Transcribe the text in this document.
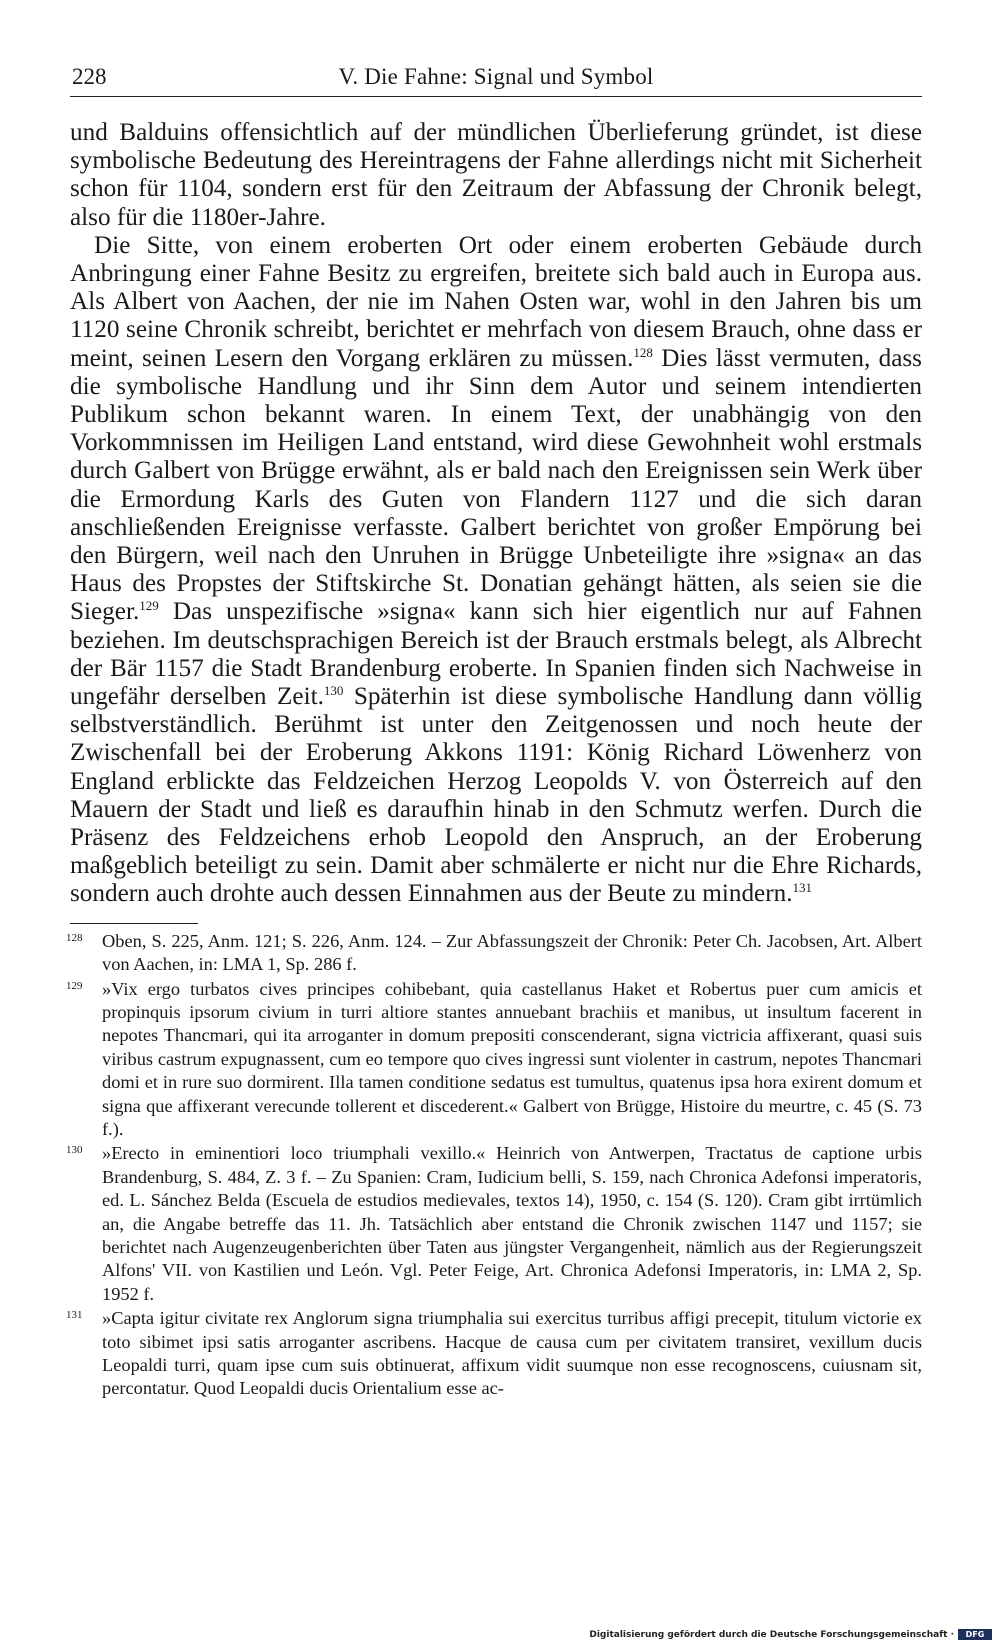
228	V. Die Fahne: Signal und Symbol

und Balduins offensichtlich auf der mündlichen Überlieferung gründet, ist diese symbolische Bedeutung des Hereintragens der Fahne allerdings nicht mit Sicherheit schon für 1104, sondern erst für den Zeitraum der Abfassung der Chronik belegt, also für die 1180er-Jahre.

Die Sitte, von einem eroberten Ort oder einem eroberten Gebäude durch Anbringung einer Fahne Besitz zu ergreifen, breitete sich bald auch in Europa aus. Als Albert von Aachen, der nie im Nahen Osten war, wohl in den Jahren bis um 1120 seine Chronik schreibt, berichtet er mehrfach von diesem Brauch, ohne dass er meint, seinen Lesern den Vorgang erklären zu müssen.$^{128}$ Dies lässt vermuten, dass die symbolische Handlung und ihr Sinn dem Autor und seinem intendierten Publikum schon bekannt waren. In einem Text, der unabhängig von den Vorkommnissen im Heiligen Land entstand, wird diese Gewohnheit wohl erstmals durch Galbert von Brügge erwähnt, als er bald nach den Ereignissen sein Werk über die Ermordung Karls des Guten von Flandern 1127 und die sich daran anschließenden Ereignisse verfasste. Galbert berichtet von großer Empörung bei den Bürgern, weil nach den Unruhen in Brügge Unbeteiligte ihre »signa« an das Haus des Propstes der Stiftskirche St. Donatian gehängt hätten, als seien sie die Sieger.$^{129}$ Das unspezifische »signa« kann sich hier eigentlich nur auf Fahnen beziehen. Im deutschsprachigen Bereich ist der Brauch erstmals belegt, als Albrecht der Bär 1157 die Stadt Brandenburg eroberte. In Spanien finden sich Nachweise in ungefähr derselben Zeit.$^{130}$ Späterhin ist diese symbolische Handlung dann völlig selbstverständlich. Berühmt ist unter den Zeitgenossen und noch heute der Zwischenfall bei der Eroberung Akkons 1191: König Richard Löwenherz von England erblickte das Feldzeichen Herzog Leopolds V. von Österreich auf den Mauern der Stadt und ließ es daraufhin hinab in den Schmutz werfen. Durch die Präsenz des Feldzeichens erhob Leopold den Anspruch, an der Eroberung maßgeblich beteiligt zu sein. Damit aber schmälerte er nicht nur die Ehre Richards, sondern auch drohte auch dessen Einnahmen aus der Beute zu mindern.$^{131}$

128 Oben, S. 225, Anm. 121; S. 226, Anm. 124. – Zur Abfassungszeit der Chronik: Peter Ch. Jacobsen, Art. Albert von Aachen, in: LMA 1, Sp. 286 f.
129 »Vix ergo turbatos cives principes cohibebant, quia castellanus Haket et Robertus puer cum amicis et propinquis ipsorum civium in turri altiore stantes annuebant brachiis et manibus, ut insultum facerent in nepotes Thancmari, qui ita arroganter in domum prepositi conscenderant, signa victricia affixerant, quasi suis viribus castrum expugnassent, cum eo tempore quo cives ingressi sunt violenter in castrum, nepotes Thancmari domi et in rure suo dormirent. Illa tamen conditione sedatus est tumultus, quatenus ipsa hora exirent domum et signa que affixerant verecunde tollerent et discederent.« Galbert von Brügge, Histoire du meurtre, c. 45 (S. 73 f.).
130 »Erecto in eminentiori loco triumphali vexillo.« Heinrich von Antwerpen, Tractatus de captione urbis Brandenburg, S. 484, Z. 3 f. – Zu Spanien: Cram, Iudicium belli, S. 159, nach Chronica Adefonsi imperatoris, ed. L. Sánchez Belda (Escuela de estudios medievales, textos 14), 1950, c. 154 (S. 120). Cram gibt irrtümlich an, die Angabe betreffe das 11. Jh. Tatsächlich aber entstand die Chronik zwischen 1147 und 1157; sie berichtet nach Augenzeugenberichten über Taten aus jüngster Vergangenheit, nämlich aus der Regierungszeit Alfons' VII. von Kastilien und León. Vgl. Peter Feige, Art. Chronica Adefonsi Imperatoris, in: LMA 2, Sp. 1952 f.
131 »Capta igitur civitate rex Anglorum signa triumphalia sui exercitus turribus affigi precepit, titulum victorie ex toto sibimet ipsi satis arroganter ascribens. Hacque de causa cum per civitatem transiret, vexillum ducis Leopaldi turri, quam ipse cum suis obtinuerat, affixum vidit suumque non esse recognoscens, cuiusnam sit, percontatur. Quod Leopaldi ducis Orientalium esse ac-
Digitalisierung gefördert durch die Deutsche Forschungsgemeinschaft ·	DFG
